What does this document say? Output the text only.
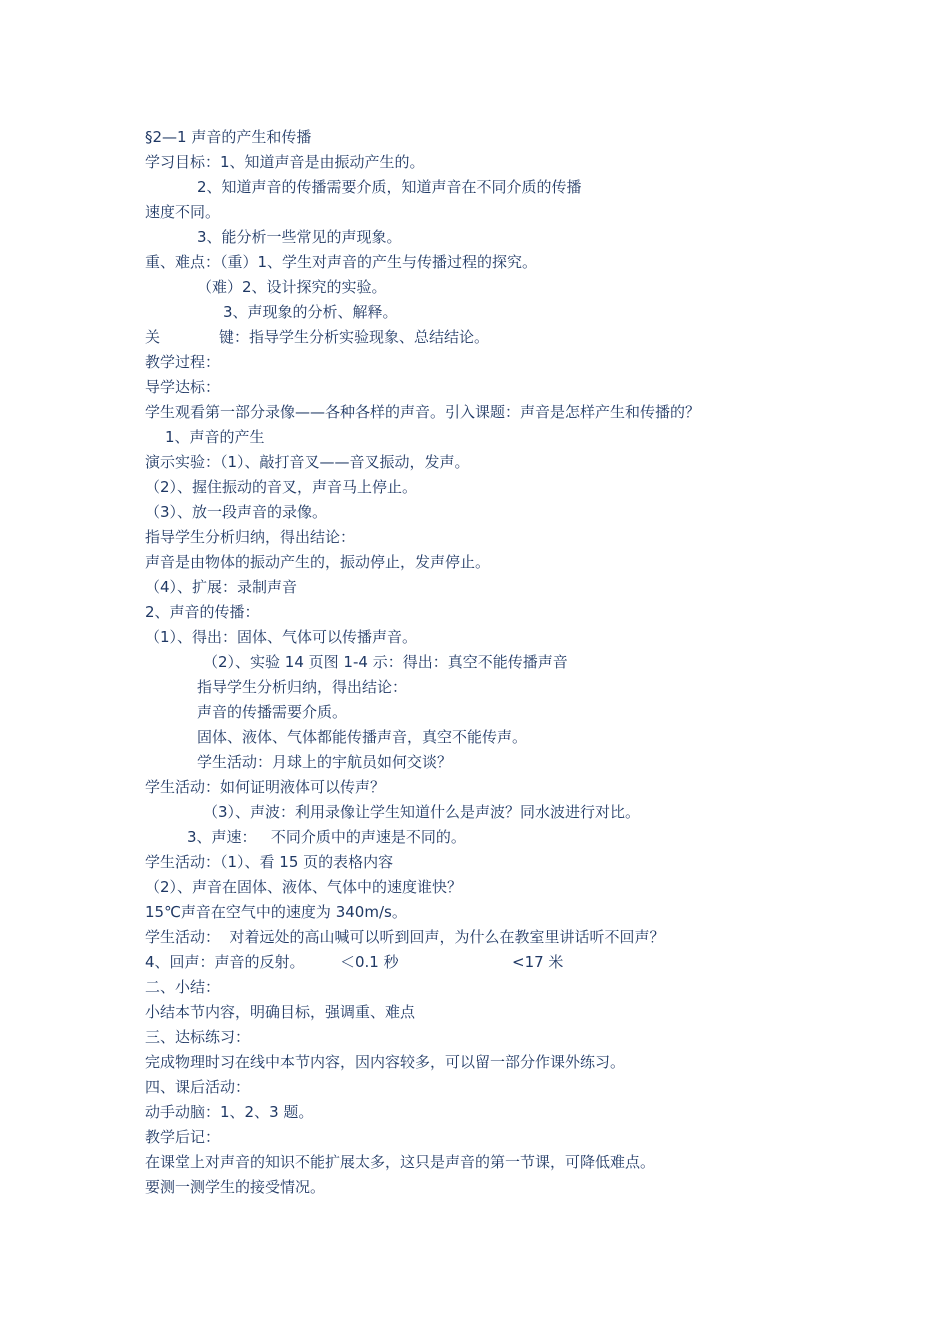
§2—1 声音的产生和传播
学习目标：1、知道声音是由振动产生的。
2、知道声音的传播需要介质，知道声音在不同介质的传播
速度不同。
3、能分析一些常见的声现象。
重、难点：（重）1、学生对声音的产生与传播过程的探究。
（难）2、设计探究的实验。
3、声现象的分析、解释。
关	键：指导学生分析实验现象、总结结论。
教学过程：
导学达标：
学生观看第一部分录像——各种各样的声音。引入课题：声音是怎样产生和传播的？
1、声音的产生
演示实验：（1）、敲打音叉——音叉振动，发声。
（2）、握住振动的音叉，声音马上停止。
（3）、放一段声音的录像。
指导学生分析归纳，得出结论：
声音是由物体的振动产生的，振动停止，发声停止。
（4）、扩展：录制声音
2、声音的传播：
（1）、得出：固体、气体可以传播声音。
（2）、实验 14 页图 1-4 示：得出：真空不能传播声音
指导学生分析归纳，得出结论：
声音的传播需要介质。
固体、液体、气体都能传播声音，真空不能传声。
学生活动：月球上的宇航员如何交谈？
学生活动：如何证明液体可以传声？
（3）、声波：利用录像让学生知道什么是声波？同水波进行对比。
3、声速：   不同介质中的声速是不同的。
学生活动：（1）、看 15 页的表格内容
（2）、声音在固体、液体、气体中的速度谁快？
15℃声音在空气中的速度为 340m/s。
学生活动：  对着远处的高山喊可以听到回声，为什么在教室里讲话听不回声？
4、回声：声音的反射。 ＜0.1 秒	<17 米
二、小结：
小结本节内容，明确目标，强调重、难点
三、达标练习：
完成物理时习在线中本节内容，因内容较多，可以留一部分作课外练习。
四、课后活动：
动手动脑：1、2、3 题。
教学后记：
在课堂上对声音的知识不能扩展太多，这只是声音的第一节课，可降低难点。
要测一测学生的接受情况。
